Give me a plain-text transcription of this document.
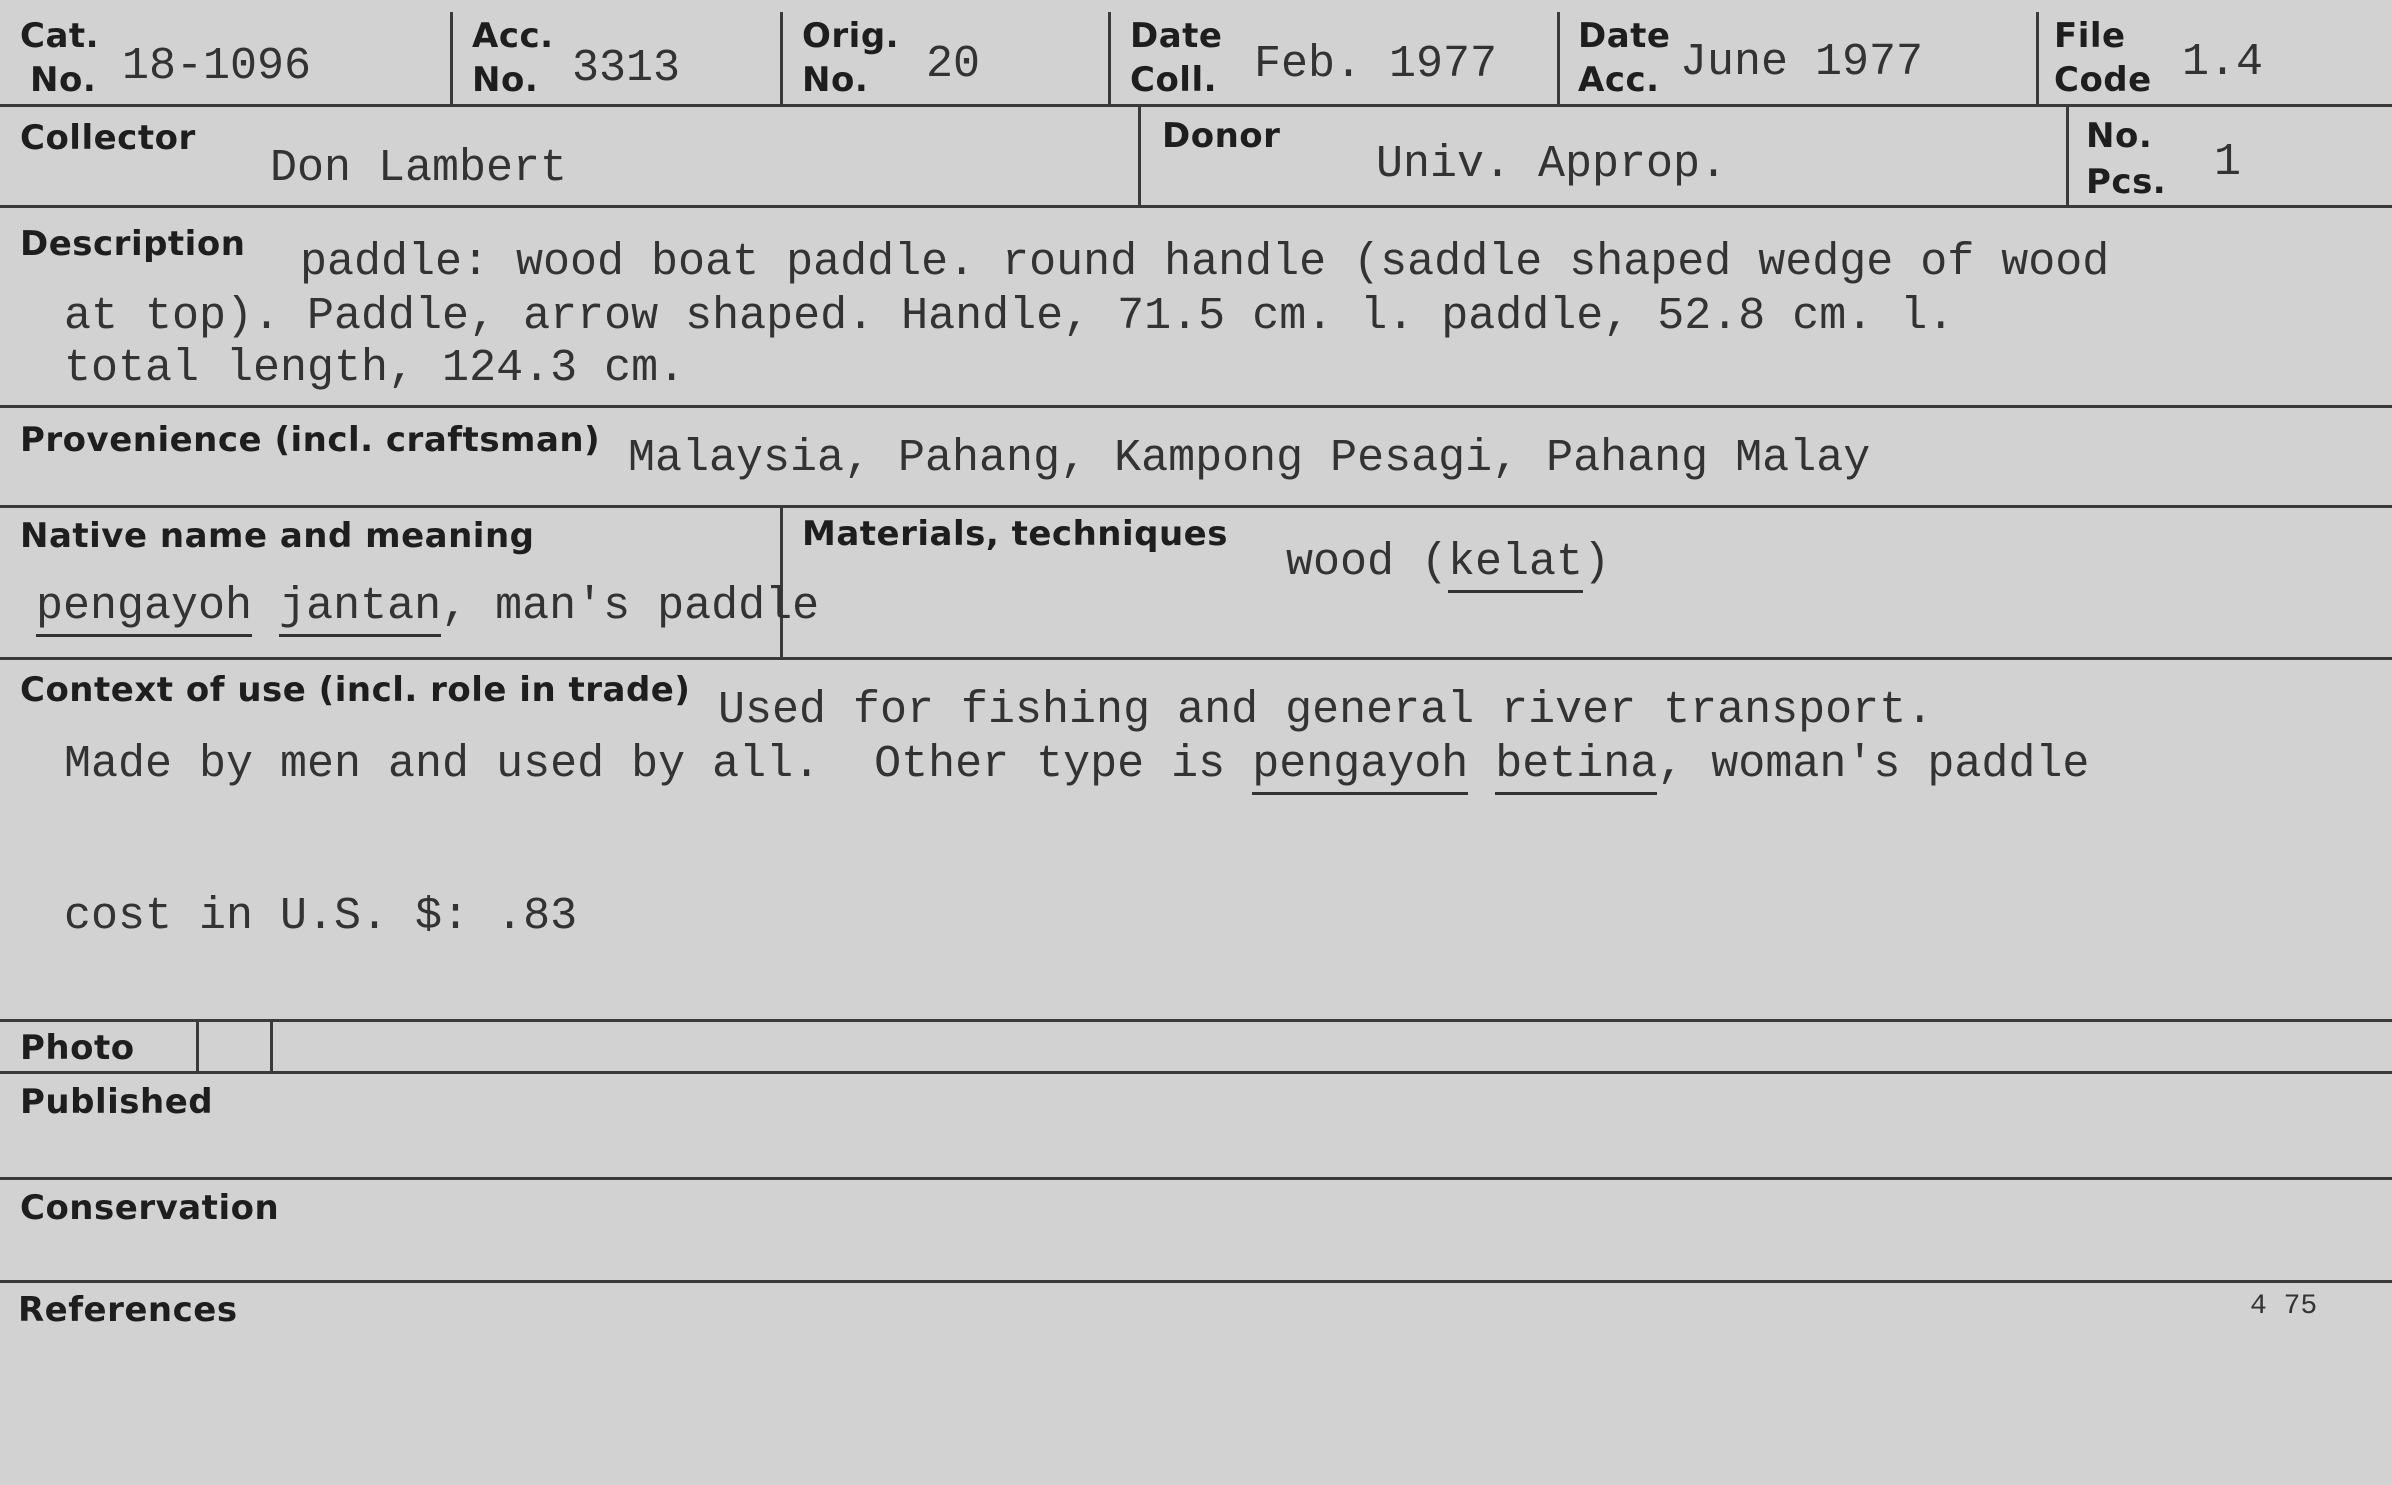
Cat.
No. 18-1096
Acc.
No. 3313
Orig.
No. 20
Date
Coll. Feb. 1977
Date
Acc. June 1977
File
Code 1.4
Collector
Don Lambert
Donor
Univ. Approp.
No.
Pcs. 1
Description paddle: wood boat paddle. round handle (saddle shaped wedge of wood
at top). Paddle, arrow shaped. Handle, 71.5 cm. l. paddle, 52.8 cm. l.
total length, 124.3 cm.
Provenience (incl. craftsman) Malaysia, Pahang, Kampong Pesagi, Pahang Malay
Native name and meaning
pengayoh jantan, man's paddle
Materials, techniques
wood (kelat)
Context of use (incl. role in trade) Used for fishing and general river transport.
Made by men and used by all.  Other type is pengayoh betina, woman's paddle
cost in U.S. $: .83
Photo
Published
Conservation
References	4 75
